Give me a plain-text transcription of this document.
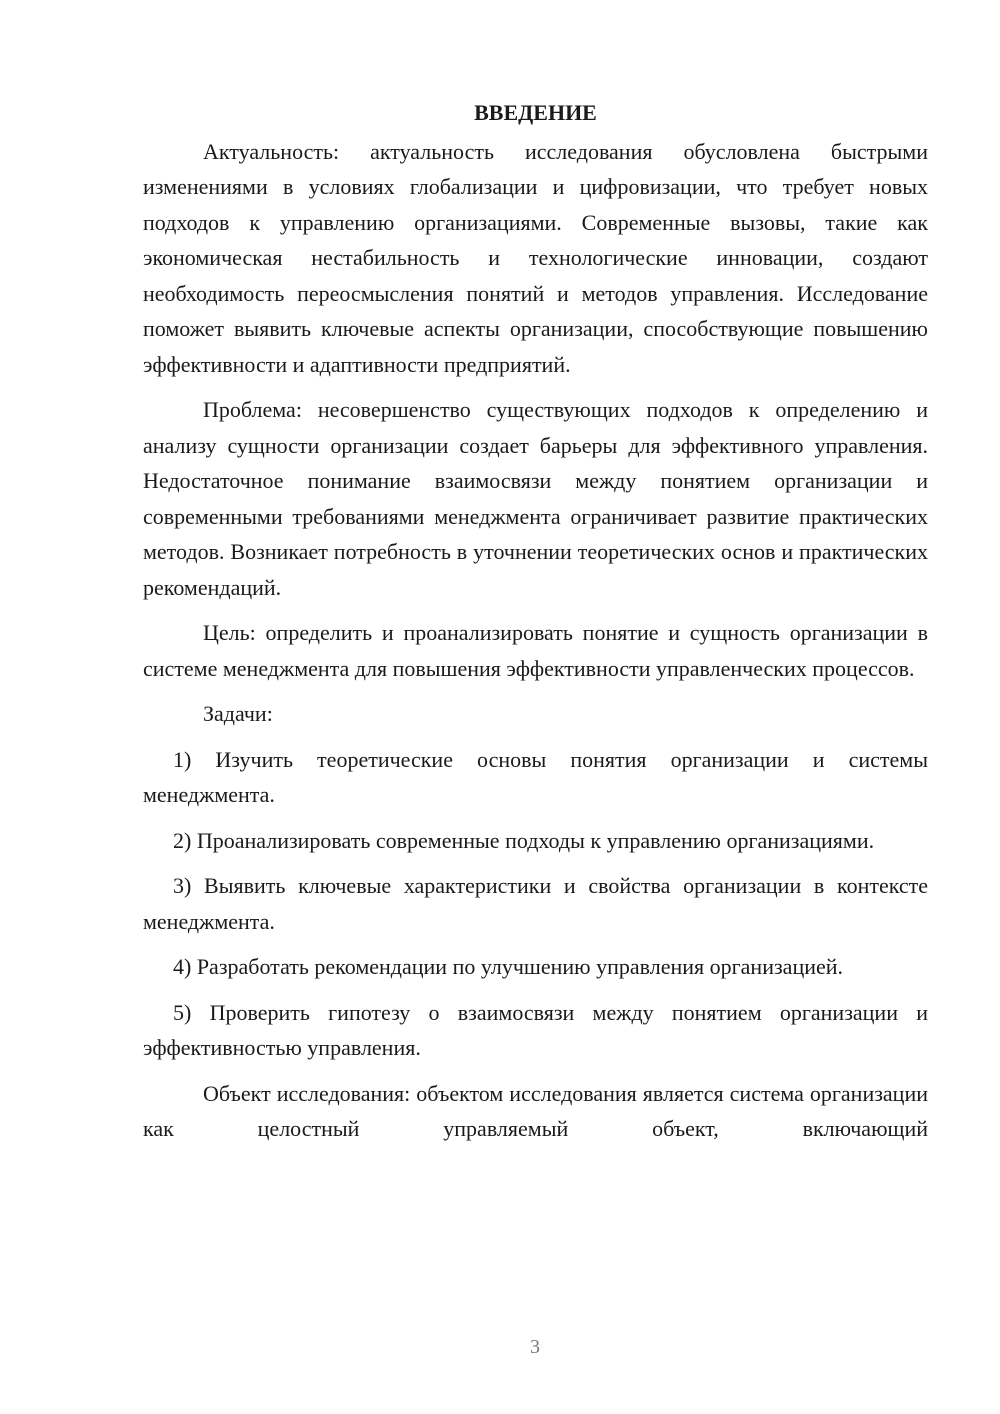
ВВЕДЕНИЕ

Актуальность: актуальность исследования обусловлена быстрыми изменениями в условиях глобализации и цифровизации, что требует новых подходов к управлению организациями. Современные вызовы, такие как экономическая нестабильность и технологические инновации, создают необходимость переосмысления понятий и методов управления. Исследование поможет выявить ключевые аспекты организации, способствующие повышению эффективности и адаптивности предприятий.

Проблема: несовершенство существующих подходов к определению и анализу сущности организации создает барьеры для эффективного управления. Недостаточное понимание взаимосвязи между понятием организации и современными требованиями менеджмента ограничивает развитие практических методов. Возникает потребность в уточнении теоретических основ и практических рекомендаций.

Цель: определить и проанализировать понятие и сущность организации в системе менеджмента для повышения эффективности управленческих процессов.

Задачи:

1) Изучить теоретические основы понятия организации и системы менеджмента.

2) Проанализировать современные подходы к управлению организациями.

3) Выявить ключевые характеристики и свойства организации в контексте менеджмента.

4) Разработать рекомендации по улучшению управления организацией.

5) Проверить гипотезу о взаимосвязи между понятием организации и эффективностью управления.

Объект исследования: объектом исследования является система организации как целостный управляемый объект, включающий

3
